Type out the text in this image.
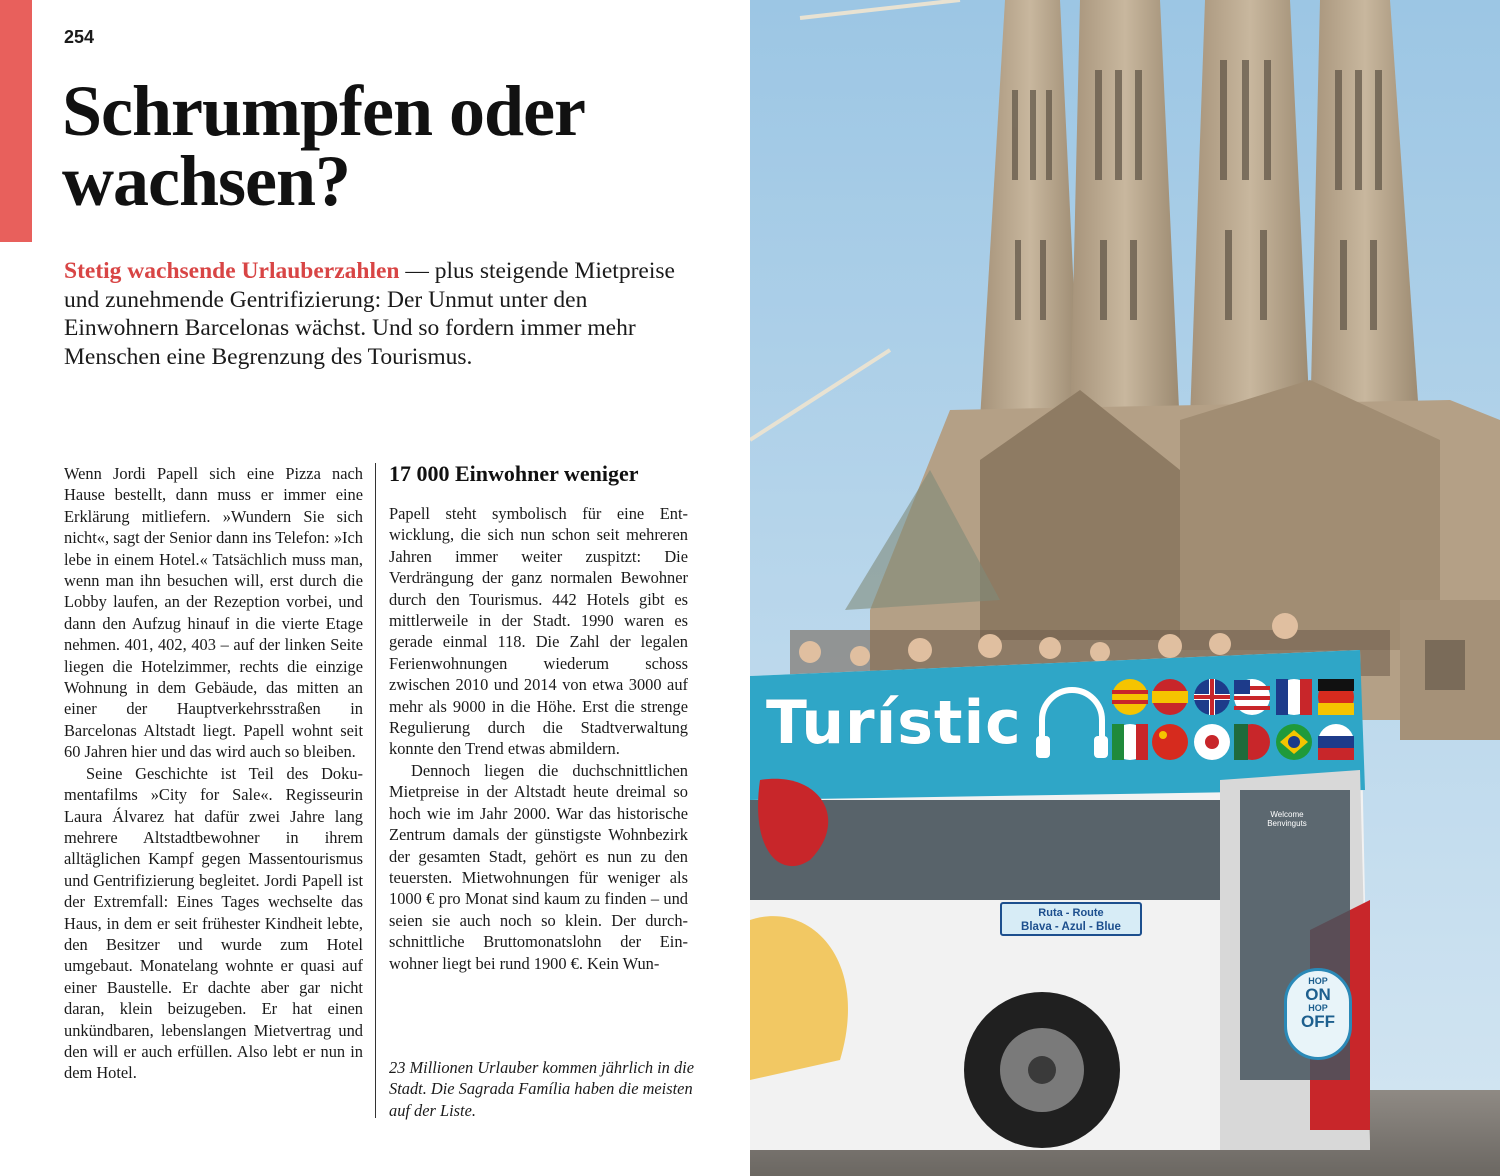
254
Schrumpfen oder
wachsen?

Stetig wachsende Urlauberzahlen — plus steigende Mietpreise und zunehmende Gentrifizierung: Der Unmut unter den Einwohnern Barcelonas wächst. Und so fordern immer mehr Menschen eine Begrenzung des Tourismus.

Wenn Jordi Papell sich eine Pizza nach Hause bestellt, dann muss er immer eine Erklärung mitliefern. »Wundern Sie sich nicht«, sagt der Senior dann ins Telefon: »Ich lebe in einem Hotel.« Tatsächlich muss man, wenn man ihn besuchen will, erst durch die Lobby laufen, an der Rezeption vorbei, und dann den Aufzug hinauf in die vierte Etage nehmen. 401, 402, 403 – auf der linken Seite liegen die Hotelzimmer, rechts die einzige Wohnung in dem Gebäude, das mitten an einer der Hauptverkehrsstraßen in Barcelonas Altstadt liegt. Papell wohnt seit 60 Jahren hier und das wird auch so bleiben.

Seine Geschichte ist Teil des Dokumentafilms »City for Sale«. Regisseurin Laura Álvarez hat dafür zwei Jahre lang mehrere Altstadtbewohner in ihrem alltäglichen Kampf gegen Massentourismus und Gentrifizierung begleitet. Jordi Papell ist der Extremfall: Eines Tages wechselte das Haus, in dem er seit frühester Kindheit lebte, den Besitzer und wurde zum Hotel umgebaut. Monatelang wohnte er quasi auf einer Baustelle. Er dachte aber gar nicht daran, klein beizugeben. Er hat einen unkündbaren, lebenslangen Mietvertrag und den will er auch erfüllen. Also lebt er nun in dem Hotel.

17 000 Einwohner weniger

Papell steht symbolisch für eine Entwicklung, die sich nun schon seit mehreren Jahren immer weiter zuspitzt: Die Verdrängung der ganz normalen Bewohner durch den Tourismus. 442 Hotels gibt es mittlerweile in der Stadt. 1990 waren es gerade einmal 118. Die Zahl der legalen Ferienwohnungen wiederum schoss zwischen 2010 und 2014 von etwa 3000 auf mehr als 9000 in die Höhe. Erst die strenge Regulierung durch die Stadtverwaltung konnte den Trend etwas abmildern.

Dennoch liegen die duchschnittlichen Mietpreise in der Altstadt heute dreimal so hoch wie im Jahr 2000. War das historische Zentrum damals der günstigste Wohnbezirk der gesamten Stadt, gehört es nun zu den teuersten. Mietwohnungen für weniger als 1000 € pro Monat sind kaum zu finden – und seien sie auch noch so klein. Der durchschnittliche Bruttomonatslohn der Einwohner liegt bei rund 1900 €. Kein Wun-

23 Millionen Urlauber kommen jährlich in die Stadt. Die Sagrada Família haben die meisten auf der Liste.
Turístic
Welcome Benvinguts
Ruta - Route
Blava - Azul - Blue
HOP
ON
HOP
OFF
